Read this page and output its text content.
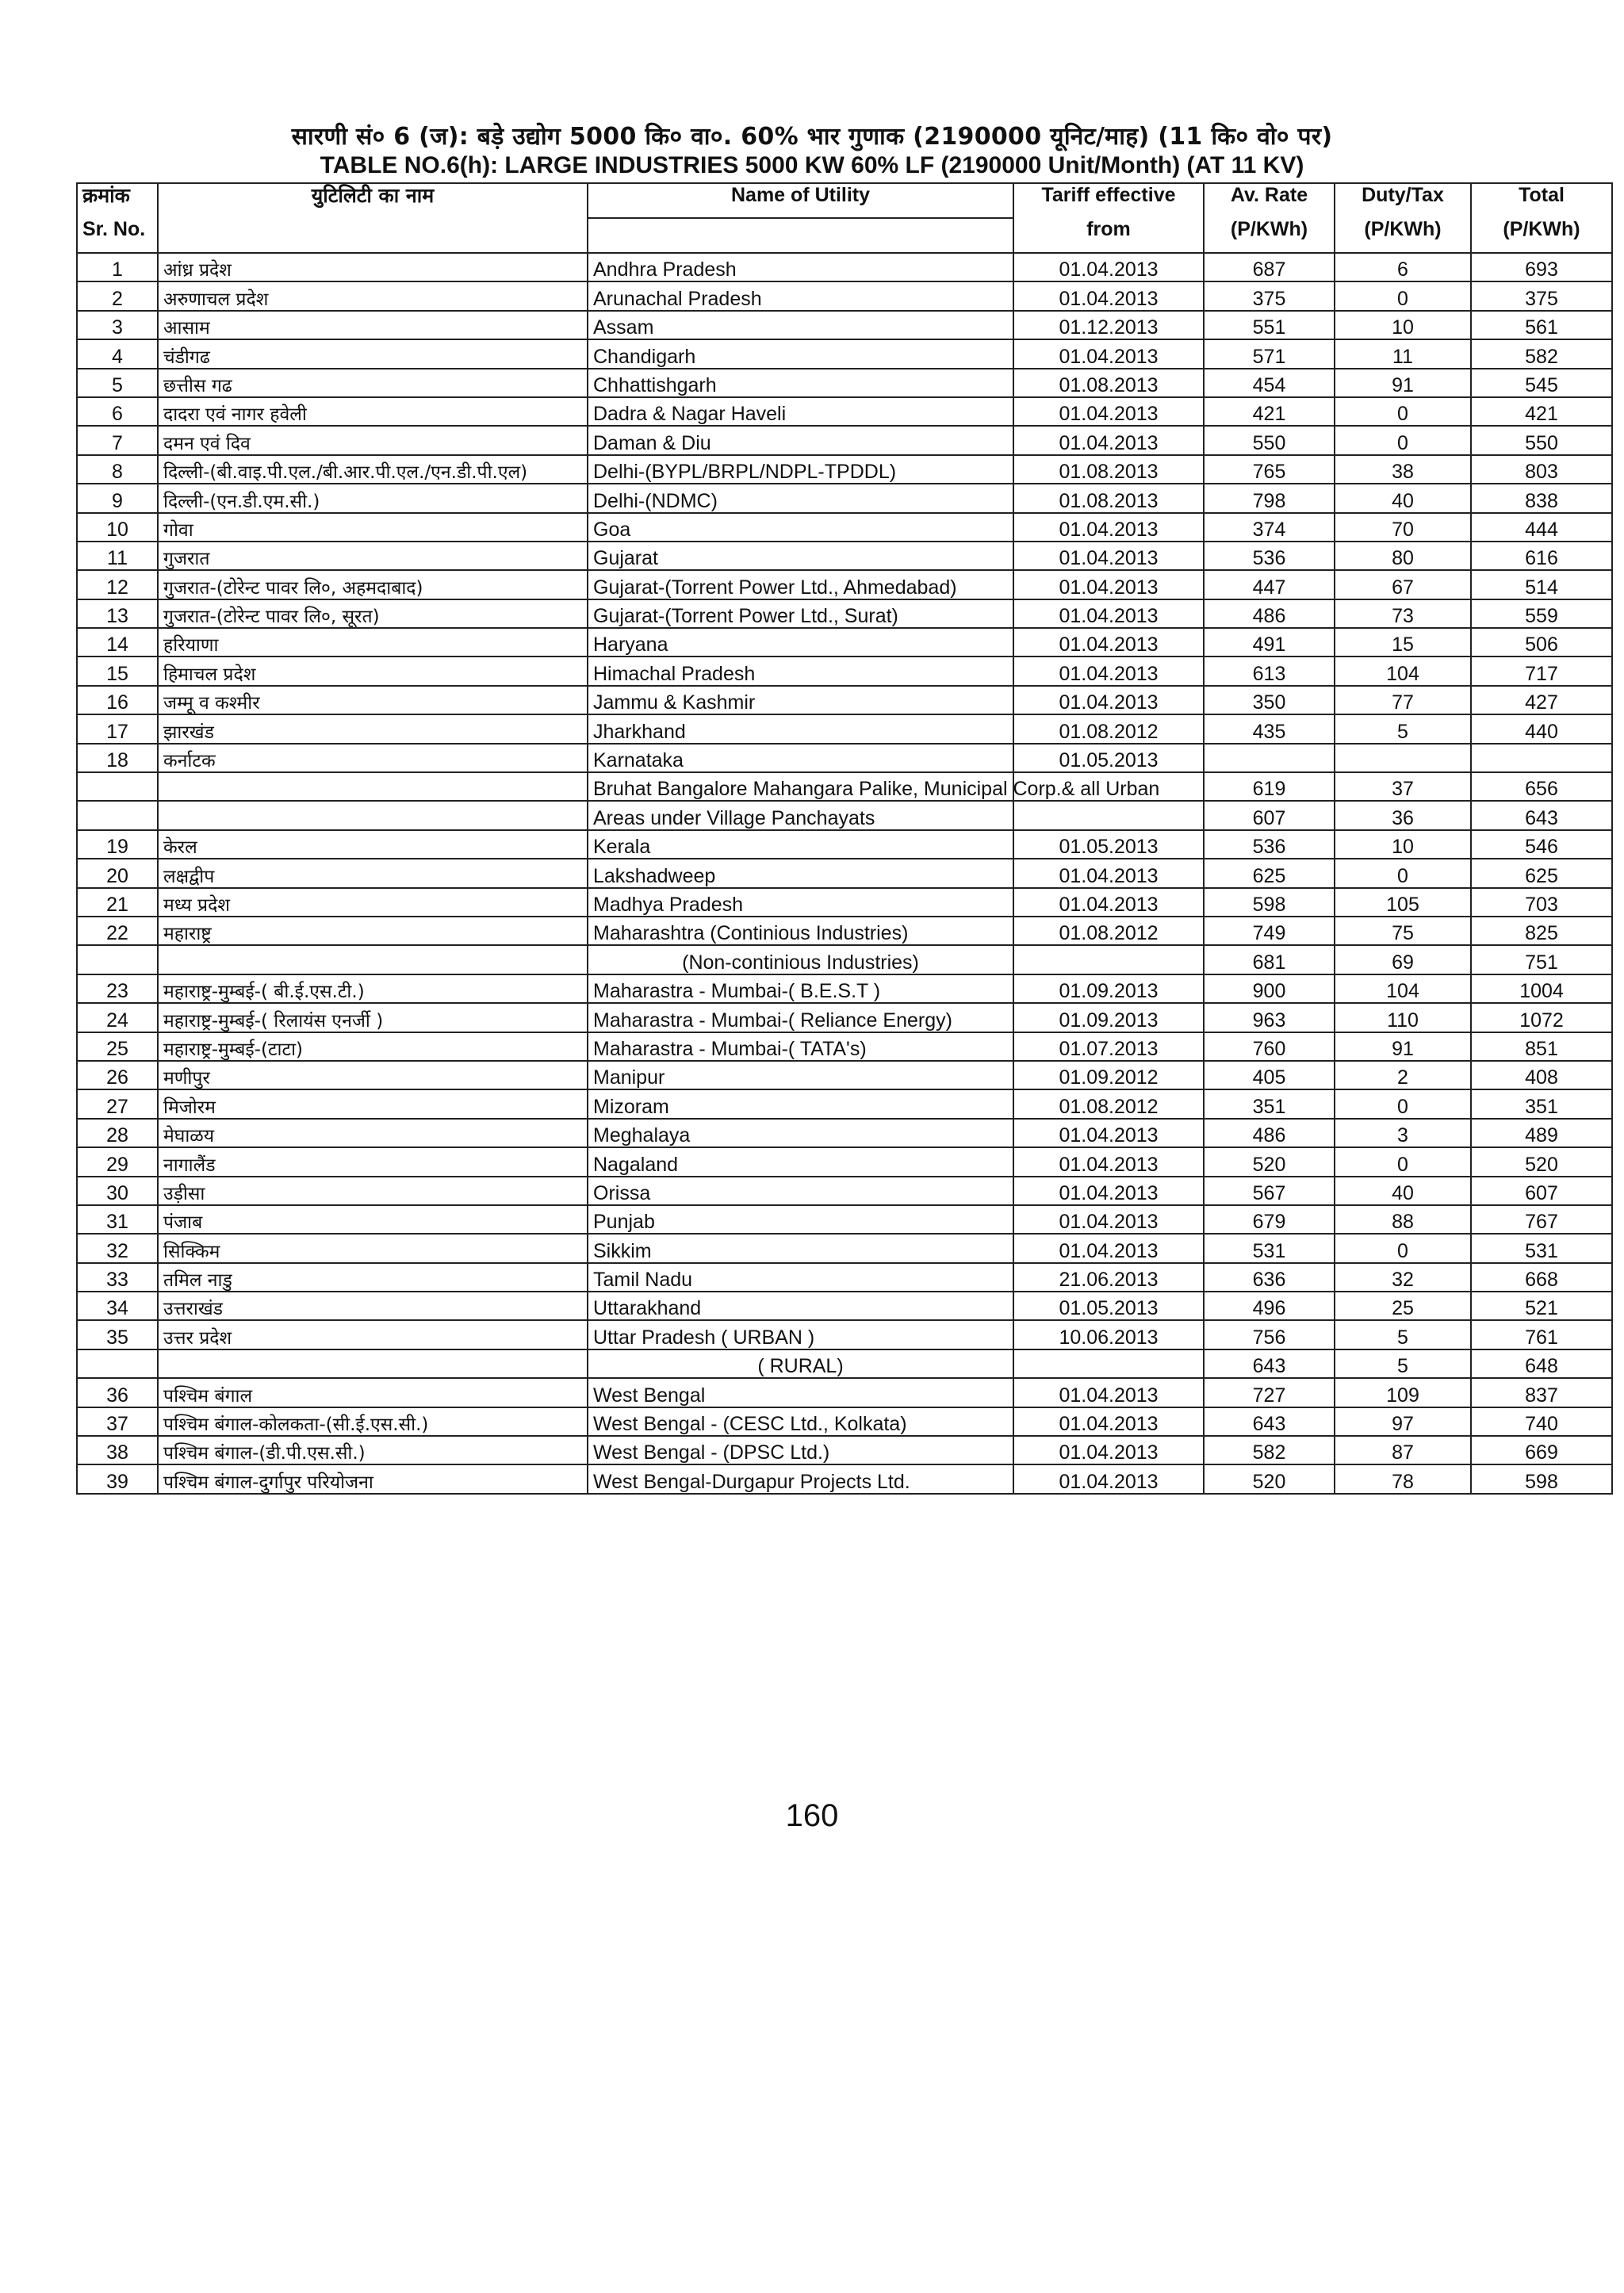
सारणी सं० 6 (ज): बड़े उद्योग 5000 कि० वा०. 60% भार गुणाक (2190000 यूनिट/माह) (11 कि० वो० पर)
TABLE NO.6(h): LARGE INDUSTRIES 5000 KW 60% LF (2190000 Unit/Month) (AT 11 KV)
क्रमांक	युटिलिटी का नाम	Name of Utility	Tariff effective	Av. Rate	Duty/Tax	Total
Sr. No.			from	(P/KWh)	(P/KWh)	(P/KWh)
1	आंध्र प्रदेश	Andhra Pradesh	01.04.2013	687	6	693
2	अरुणाचल प्रदेश	Arunachal Pradesh	01.04.2013	375	0	375
3	आसाम	Assam	01.12.2013	551	10	561
4	चंडीगढ	Chandigarh	01.04.2013	571	11	582
5	छत्तीस गढ	Chhattishgarh	01.08.2013	454	91	545
6	दादरा एवं नागर हवेली	Dadra & Nagar Haveli	01.04.2013	421	0	421
7	दमन एवं दिव	Daman & Diu	01.04.2013	550	0	550
8	दिल्ली-(बी.वाइ.पी.एल./बी.आर.पी.एल./एन.डी.पी.एल)	Delhi-(BYPL/BRPL/NDPL-TPDDL)	01.08.2013	765	38	803
9	दिल्ली-(एन.डी.एम.सी.)	Delhi-(NDMC)	01.08.2013	798	40	838
10	गोवा	Goa	01.04.2013	374	70	444
11	गुजरात	Gujarat	01.04.2013	536	80	616
12	गुजरात-(टोरेन्ट पावर लि०, अहमदाबाद)	Gujarat-(Torrent Power Ltd., Ahmedabad)	01.04.2013	447	67	514
13	गुजरात-(टोरेन्ट पावर लि०, सूरत)	Gujarat-(Torrent Power Ltd., Surat)	01.04.2013	486	73	559
14	हरियाणा	Haryana	01.04.2013	491	15	506
15	हिमाचल प्रदेश	Himachal Pradesh	01.04.2013	613	104	717
16	जम्मू व कश्मीर	Jammu & Kashmir	01.04.2013	350	77	427
17	झारखंड	Jharkhand	01.08.2012	435	5	440
18	कर्नाटक	Karnataka	01.05.2013			
		Bruhat Bangalore Mahangara Palike, Municipal Corp.& all Urban		619	37	656
		Areas under Village Panchayats		607	36	643
19	केरल	Kerala	01.05.2013	536	10	546
20	लक्षद्वीप	Lakshadweep	01.04.2013	625	0	625
21	मध्य प्रदेश	Madhya Pradesh	01.04.2013	598	105	703
22	महाराष्ट्र	Maharashtra (Continious Industries)	01.08.2012	749	75	825
		(Non-continious Industries)		681	69	751
23	महाराष्ट्र-मुम्बई-( बी.ई.एस.टी.)	Maharastra - Mumbai-( B.E.S.T )	01.09.2013	900	104	1004
24	महाराष्ट्र-मुम्बई-( रिलायंस एनर्जी )	Maharastra - Mumbai-( Reliance Energy)	01.09.2013	963	110	1072
25	महाराष्ट्र-मुम्बई-(टाटा)	Maharastra - Mumbai-( TATA's)	01.07.2013	760	91	851
26	मणीपुर	Manipur	01.09.2012	405	2	408
27	मिजोरम	Mizoram	01.08.2012	351	0	351
28	मेघाळय	Meghalaya	01.04.2013	486	3	489
29	नागालैंड	Nagaland	01.04.2013	520	0	520
30	उड़ीसा	Orissa	01.04.2013	567	40	607
31	पंजाब	Punjab	01.04.2013	679	88	767
32	सिक्किम	Sikkim	01.04.2013	531	0	531
33	तमिल नाडु	Tamil Nadu	21.06.2013	636	32	668
34	उत्तराखंड	Uttarakhand	01.05.2013	496	25	521
35	उत्तर प्रदेश	Uttar Pradesh ( URBAN )	10.06.2013	756	5	761
		( RURAL)		643	5	648
36	पश्चिम बंगाल	West Bengal	01.04.2013	727	109	837
37	पश्चिम बंगाल-कोलकता-(सी.ई.एस.सी.)	West Bengal - (CESC Ltd., Kolkata)	01.04.2013	643	97	740
38	पश्चिम बंगाल-(डी.पी.एस.सी.)	West Bengal - (DPSC Ltd.)	01.04.2013	582	87	669
39	पश्चिम बंगाल-दुर्गापुर परियोजना	West Bengal-Durgapur Projects Ltd.	01.04.2013	520	78	598
160
